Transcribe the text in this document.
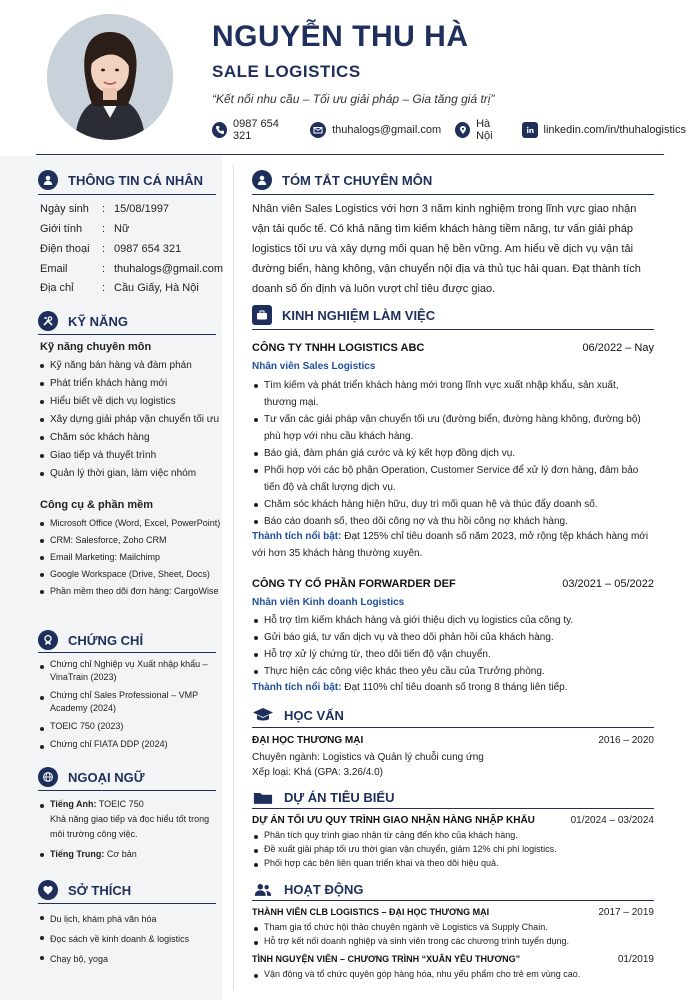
NGUYỄN THU HÀ
SALE LOGISTICS
“Kết nối nhu cầu – Tối ưu giải pháp – Gia tăng giá trị”
0987 654 321	thuhalogs@gmail.com	Hà Nội	linkedin.com/in/thuhalogistics
THÔNG TIN CÁ NHÂN
Ngày sinh	: 15/08/1997
Giới tính	: Nữ
Điện thoại	: 0987 654 321
Email	: thuhalogs@gmail.com
Địa chỉ	: Cầu Giấy, Hà Nội
KỸ NĂNG
Kỹ năng chuyên môn
Kỹ năng bán hàng và đàm phán
Phát triển khách hàng mới
Hiểu biết về dịch vụ logistics
Xây dựng giải pháp vận chuyển tối ưu
Chăm sóc khách hàng
Giao tiếp và thuyết trình
Quản lý thời gian, làm việc nhóm
Công cụ & phần mềm
Microsoft Office (Word, Excel, PowerPoint)
CRM: Salesforce, Zoho CRM
Email Marketing: Mailchimp
Google Workspace (Drive, Sheet, Docs)
Phần mềm theo dõi đơn hàng: CargoWise
CHỨNG CHỈ
Chứng chỉ Nghiệp vụ Xuất nhập khẩu – VinaTrain (2023)
Chứng chỉ Sales Professional – VMP Academy (2024)
TOEIC 750 (2023)
Chứng chỉ FIATA DDP (2024)
NGOẠI NGỮ
Tiếng Anh: TOEIC 750
Khả năng giao tiếp và đọc hiểu tốt trong môi trường công việc.
Tiếng Trung: Cơ bản
SỞ THÍCH
Du lịch, khám phá văn hóa
Đọc sách về kinh doanh & logistics
Chạy bộ, yoga
TÓM TẮT CHUYÊN MÔN
Nhân viên Sales Logistics với hơn 3 năm kinh nghiệm trong lĩnh vực giao nhận vận tải quốc tế. Có khả năng tìm kiếm khách hàng tiềm năng, tư vấn giải pháp logistics tối ưu và xây dựng mối quan hệ bền vững. Am hiểu về dịch vụ vận tải đường biển, hàng không, vận chuyển nội địa và thủ tục hải quan. Đạt thành tích doanh số ổn định và luôn vượt chỉ tiêu được giao.
KINH NGHIỆM LÀM VIỆC
CÔNG TY TNHH LOGISTICS ABC	06/2022 – Nay
Nhân viên Sales Logistics
Tìm kiếm và phát triển khách hàng mới trong lĩnh vực xuất nhập khẩu, sản xuất, thương mại.
Tư vấn các giải pháp vận chuyển tối ưu (đường biển, đường hàng không, đường bộ) phù hợp với nhu cầu khách hàng.
Báo giá, đàm phán giá cước và ký kết hợp đồng dịch vụ.
Phối hợp với các bộ phận Operation, Customer Service để xử lý đơn hàng, đảm bảo tiến độ và chất lượng dịch vụ.
Chăm sóc khách hàng hiện hữu, duy trì mối quan hệ và thúc đẩy doanh số.
Báo cáo doanh số, theo dõi công nợ và thu hồi công nợ khách hàng.
Thành tích nổi bật: Đạt 125% chỉ tiêu doanh số năm 2023, mở rộng tệp khách hàng mới với hơn 35 khách hàng thường xuyên.
CÔNG TY CỔ PHẦN FORWARDER DEF	03/2021 – 05/2022
Nhân viên Kinh doanh Logistics
Hỗ trợ tìm kiếm khách hàng và giới thiệu dịch vụ logistics của công ty.
Gửi báo giá, tư vấn dịch vụ và theo dõi phản hồi của khách hàng.
Hỗ trợ xử lý chứng từ, theo dõi tiến độ vận chuyển.
Thực hiện các công việc khác theo yêu cầu của Trưởng phòng.
Thành tích nổi bật: Đạt 110% chỉ tiêu doanh số trong 8 tháng liên tiếp.
HỌC VẤN
ĐẠI HỌC THƯƠNG MẠI	2016 – 2020
Chuyên ngành: Logistics và Quản lý chuỗi cung ứng
Xếp loại: Khá (GPA: 3.26/4.0)
DỰ ÁN TIÊU BIỂU
DỰ ÁN TỐI ƯU QUY TRÌNH GIAO NHẬN HÀNG NHẬP KHẨU	01/2024 – 03/2024
Phân tích quy trình giao nhận từ cảng đến kho của khách hàng.
Đề xuất giải pháp tối ưu thời gian vận chuyển, giảm 12% chi phí logistics.
Phối hợp các bên liên quan triển khai và theo dõi hiệu quả.
HOẠT ĐỘNG
THÀNH VIÊN CLB LOGISTICS – ĐẠI HỌC THƯƠNG MẠI	2017 – 2019
Tham gia tổ chức hội thảo chuyên ngành về Logistics và Supply Chain.
Hỗ trợ kết nối doanh nghiệp và sinh viên trong các chương trình tuyển dụng.
TÌNH NGUYỆN VIÊN – CHƯƠNG TRÌNH “XUÂN YÊU THƯƠNG”	01/2019
Vận động và tổ chức quyên góp hàng hóa, nhu yếu phẩm cho trẻ em vùng cao.
